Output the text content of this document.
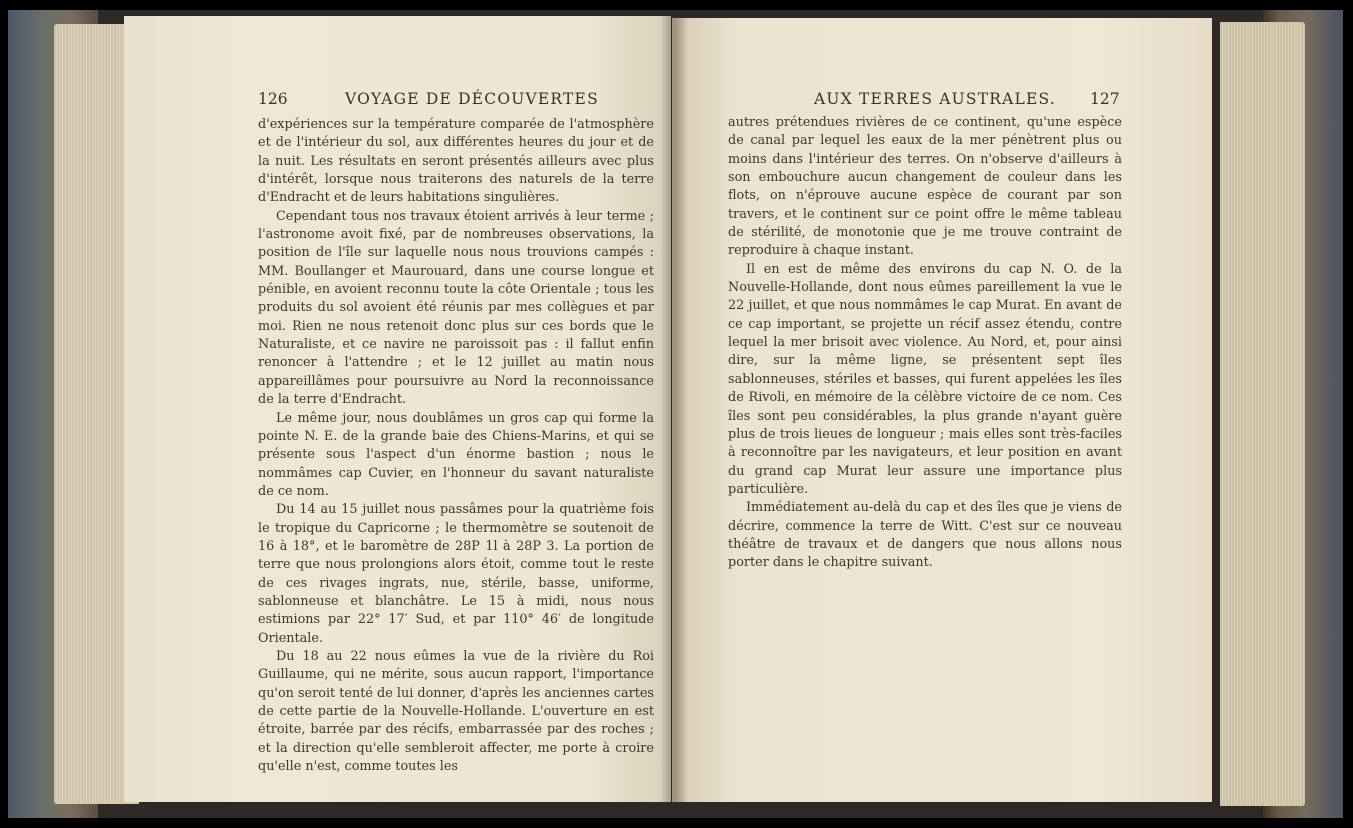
126	VOYAGE DE DÉCOUVERTES

d'expériences sur la température comparée de l'atmosphère et de l'intérieur du sol, aux différentes heures du jour et de la nuit. Les résultats en seront présentés ailleurs avec plus d'intérêt, lorsque nous traiterons des naturels de la terre d'Endracht et de leurs habitations singulières.

Cependant tous nos travaux étoient arrivés à leur terme ; l'astronome avoit fixé, par de nombreuses observations, la position de l'île sur laquelle nous nous trouvions campés : MM. Boullanger et Maurouard, dans une course longue et pénible, en avoient reconnu toute la côte Orientale ; tous les produits du sol avoient été réunis par mes collègues et par moi. Rien ne nous retenoit donc plus sur ces bords que le Naturaliste, et ce navire ne paroissoit pas : il fallut enfin renoncer à l'attendre ; et le 12 juillet au matin nous appareillâmes pour poursuivre au Nord la reconnoissance de la terre d'Endracht.

Le même jour, nous doublâmes un gros cap qui forme la pointe N. E. de la grande baie des Chiens-Marins, et qui se présente sous l'aspect d'un énorme bastion ; nous le nommâmes cap Cuvier, en l'honneur du savant naturaliste de ce nom.

Du 14 au 15 juillet nous passâmes pour la quatrième fois le tropique du Capricorne ; le thermomètre se soutenoit de 16 à 18°, et le baromètre de 28P 1l à 28P 3. La portion de terre que nous prolongions alors étoit, comme tout le reste de ces rivages ingrats, nue, stérile, basse, uniforme, sablonneuse et blanchâtre. Le 15 à midi, nous nous estimions par 22° 17′ Sud, et par 110° 46′ de longitude Orientale.

Du 18 au 22 nous eûmes la vue de la rivière du Roi Guillaume, qui ne mérite, sous aucun rapport, l'importance qu'on seroit tenté de lui donner, d'après les anciennes cartes de cette partie de la Nouvelle-Hollande. L'ouverture en est étroite, barrée par des récifs, embarrassée par des roches ; et la direction qu'elle sembleroit affecter, me porte à croire qu'elle n'est, comme toutes les

AUX TERRES AUSTRALES. 127

autres prétendues rivières de ce continent, qu'une espèce de canal par lequel les eaux de la mer pénètrent plus ou moins dans l'intérieur des terres. On n'observe d'ailleurs à son embouchure aucun changement de couleur dans les flots, on n'éprouve aucune espèce de courant par son travers, et le continent sur ce point offre le même tableau de stérilité, de monotonie que je me trouve contraint de reproduire à chaque instant.

Il en est de même des environs du cap N. O. de la Nouvelle-Hollande, dont nous eûmes pareillement la vue le 22 juillet, et que nous nommâmes le cap Murat. En avant de ce cap important, se projette un récif assez étendu, contre lequel la mer brisoit avec violence. Au Nord, et, pour ainsi dire, sur la même ligne, se présentent sept îles sablonneuses, stériles et basses, qui furent appelées les îles de Rivoli, en mémoire de la célèbre victoire de ce nom. Ces îles sont peu considérables, la plus grande n'ayant guère plus de trois lieues de longueur ; mais elles sont très-faciles à reconnoître par les navigateurs, et leur position en avant du grand cap Murat leur assure une importance plus particulière.

Immédiatement au-delà du cap et des îles que je viens de décrire, commence la terre de Witt. C'est sur ce nouveau théâtre de travaux et de dangers que nous allons nous porter dans le chapitre suivant.
